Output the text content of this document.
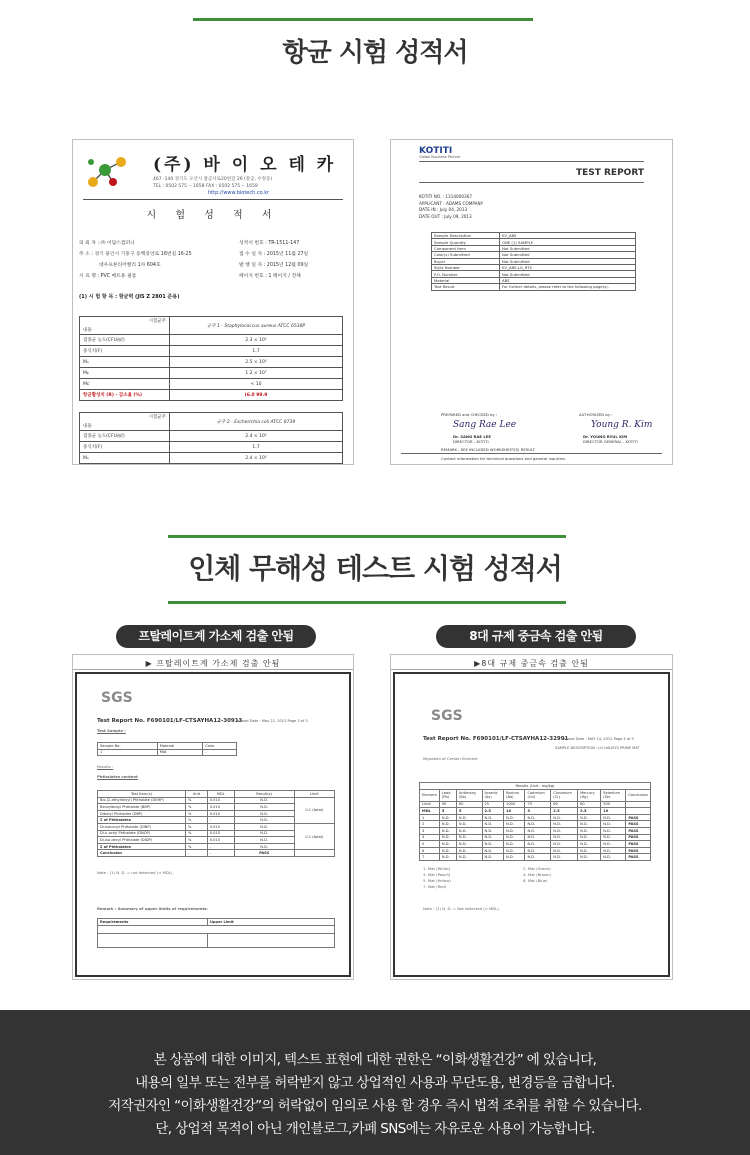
항균 시험 성적서
(주) 바 이 오 테 카
467 -140 경기도 오산시 갈곶사로20번길 26 (갈곶, 수정동)
TEL : 0502 575 -- 1658 FAX : 0502 575 -- 1659
http://www.biotech.co.kr
시 험 성 적 서
의 뢰 자 : ㈜ 이담스컴퍼니
주 소 : 경기 용인시 기흥구 동백중앙로 16번길 16-25
대우프론티어밸리 1차 604호
시 료 명 : PVC 매트용 필름
성적서 번호 : TR-1511-147
접 수 일 자 : 2015년 11월 27일
발 행 일 자 : 2015년 12월 09일
페이지 번호 : 1 페이지 / 전체
(1) 시 험 항 목 : 항균력 (JIS Z 2801 준용)
시험균주
내용	균주 1 - Staphylococcus aureus ATCC 6538P
접종균 농도(CFU/㎖)	2.3 × 10⁵
중식치(F)	1.7
Mₐ	2.5 × 10⁵
Mᵦ	1.2 × 10⁷
Mᴄ	< 10
항균활성치 (R) - 감소율 (%)	(6.0 99.9
시험균주
내용	균주 2 - Escherichia coli ATCC 8739
접종균 농도(CFU/㎖)	2.4 × 10⁵
중식치(F)	1.7
Mₐ	2.4 × 10⁵
KOTITI
Global Business Partner
TEST REPORT
KOTITI NO. : 1314000367
APPLICANT : ADAMS COMPANY
DATE IN : July 04, 2013
DATE OUT : July 09, 2013
Sample Description	EV_ABS
Sample Quantity	ONE (1) SAMPLE
Component Item	Not Submitted
Color(s) Submitted	Not Submitted
Buyer	Not Submitted
Style Number	EV_ABS-LG_RTS
P.O. Number	Not Submitted
Material	ABS
Test Result	For further details, please refer to the following page(s).
PREPARED and CHECKED by :	AUTHORIZED by :
Sang Rae Lee	Young R. Kim
Dr. SANG RAE LEE
DIRECTOR - KOTITI
Dr. YOUNG RYUL KIM
DIRECTOR GENERAL - KOTITI
REMARK : SEE INCLUDED WORKSHEET(S) RESULT
Contact information for technical questions and general inquiries.
인체 무해성 테스트 시험 성적서
프탈레이트계 가소제 검출 안됨	8대 규제 중금속 검출 안됨
▶ 프탈레이트계 가소제 검출 안됨
SGS
Test Report No. F690101/LF-CTSAYHA12-30913
Issued Date : May 22, 2012 Page 3 of 3
Test Sample :
Sample No.	Material	Color
1	Mat	-
Results :
Phthalates content
Test Item(s)	Unit	MDL	Result(s)	Limit
Bis-(2-ethylhexyl) Phthalate (DEHP)	%	0.010	N.D.	0.1 (total)
Benzylbutyl Phthalate (BBP)	%	0.010	N.D.	
Dibutyl Phthalate (DBP)	%	0.010	N.D.	
Σ of Phthalates	%	-	N.D.	
Di-isononyl Phthalate (DINP)	%	0.010	N.D.	0.1 (total)
Di-n-octyl Phthalate (DNOP)	%	0.010	N.D.	
Di-iso-decyl Phthalate (DIDP)	%	0.010	N.D.	
Σ of Phthalates	%	-	N.D.	
Conclusion	-	-	PASS	
Note : (1) N. D. = not detected (< MDL)
Remark : Summary of upper limits of requirements:
Requirements	Upper Limit

▶8대 규제 중금속 검출 안됨
SGS
Test Report No. F690101/LF-CTSAYHA12-32991
Issued Date : MAY 14, 2012 Page 4 of 5
SAMPLE DESCRIPTION : LG HAUSYS PRIME MAT
Migration of Certain Element
Results (Unit : mg/kg)									
Element	Lead (Pb)	Antimony (Sb)	Arsenic (As)	Barium (Ba)	Cadmium (Cd)	Chromium (Cr)	Mercury (Hg)	Selenium (Se)	Conclusion
Limit	90	60	25	1000	75	60	60	500	
MDL	5	5	2.5	10	5	2.5	2.5	10	
1	N.D.	N.D.	N.D.	N.D.	N.D.	N.D.	N.D.	N.D.	PASS
2	N.D.	N.D.	N.D.	N.D.	N.D.	N.D.	N.D.	N.D.	PASS
3	N.D.	N.D.	N.D.	N.D.	N.D.	N.D.	N.D.	N.D.	PASS
4	N.D.	N.D.	N.D.	N.D.	N.D.	N.D.	N.D.	N.D.	PASS
5	N.D.	N.D.	N.D.	N.D.	N.D.	N.D.	N.D.	N.D.	PASS
6	N.D.	N.D.	N.D.	N.D.	N.D.	N.D.	N.D.	N.D.	PASS
7	N.D.	N.D.	N.D.	N.D.	N.D.	N.D.	N.D.	N.D.	PASS
1. Mat (White)	2. Mat (Green) 3. Mat (Peach)	4. Mat (Brown) 5. Mat (Yellow)	6. Mat (Blue)
7. Mat (Red)
Note : (1) N. D. = Not detected (< MDL)
본 상품에 대한 이미지, 텍스트 표현에 대한 권한은 “이화생활건강” 에 있습니다,
내용의 일부 또는 전부를 허락받지 않고 상업적인 사용과 무단도용, 변경등을 금합니다.
저작권자인 “이화생활건강”의 허락없이 임의로 사용 할 경우 즉시 법적 조취를 취할 수 있습니다.
단, 상업적 목적이 아닌 개인블로그,카페 SNS에는 자유로운 사용이 가능합니다.
